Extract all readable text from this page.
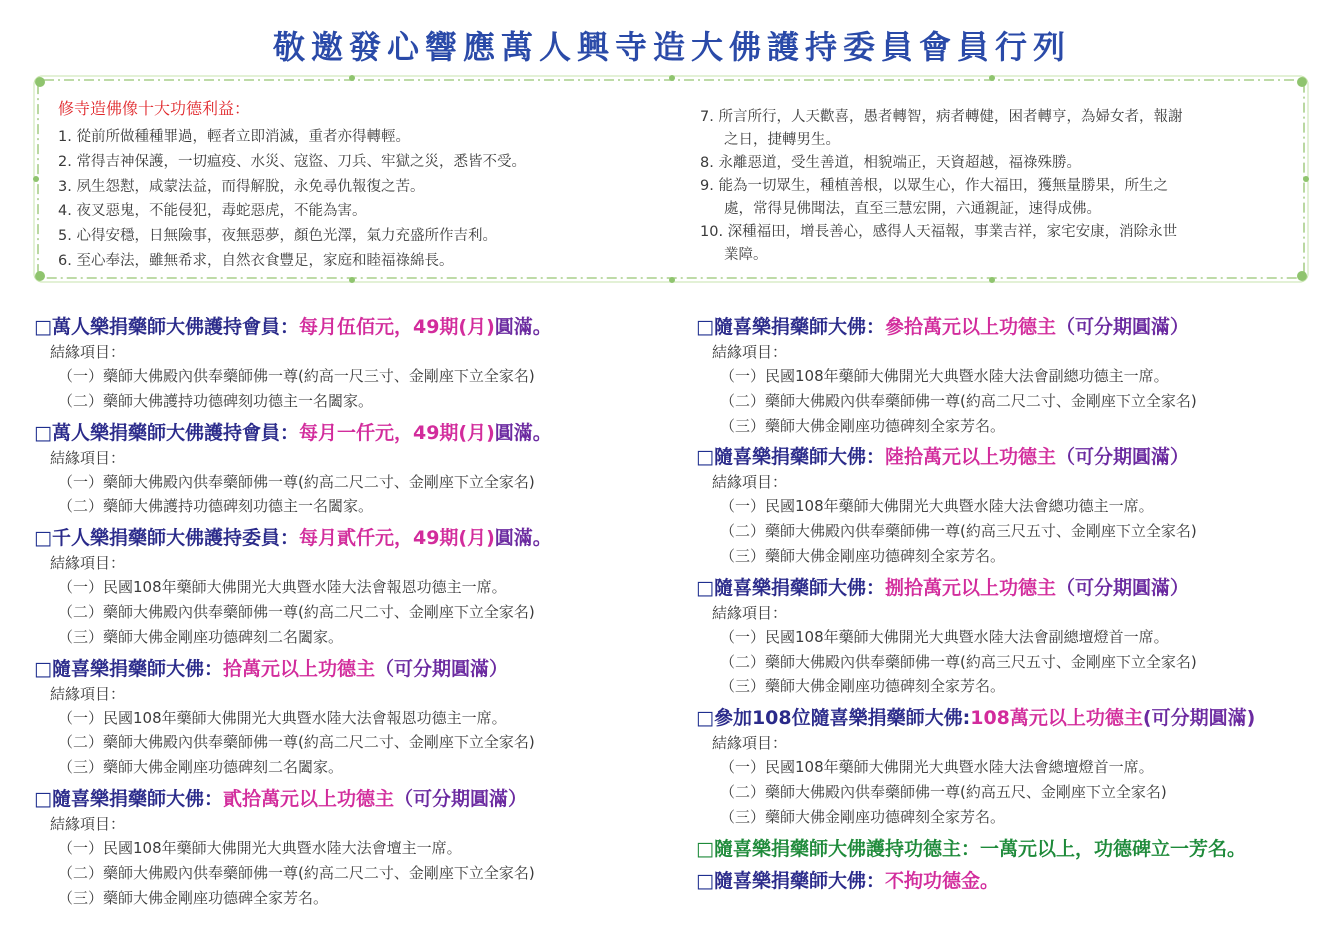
敬邀發心響應萬人興寺造大佛護持委員會員行列
修寺造佛像十大功德利益：
1. 從前所做種種罪過，輕者立即消滅，重者亦得轉輕。
2. 常得吉神保護，一切瘟疫、水災、寇盜、刀兵、牢獄之災，悉皆不受。
3. 夙生怨懟，咸蒙法益，而得解脫，永免尋仇報復之苦。
4. 夜叉惡鬼，不能侵犯，毒蛇惡虎，不能為害。
5. 心得安穩，日無險事，夜無惡夢，顏色光澤，氣力充盛所作吉利。
6. 至心奉法，雖無希求，自然衣食豐足，家庭和睦福祿綿長。
7. 所言所行，人天歡喜，愚者轉智，病者轉健，困者轉亨，為婦女者，報謝
之日，捷轉男生。
8. 永離惡道，受生善道，相貌端正，天資超越，福祿殊勝。
9. 能為一切眾生，種植善根，以眾生心，作大福田，獲無量勝果，所生之
處，常得見佛聞法，直至三慧宏開，六通親証，速得成佛。
10. 深種福田，增長善心，感得人天福報，事業吉祥，家宅安康，消除永世
業障。
□萬人樂捐藥師大佛護持會員：每月伍佰元，49期(月)圓滿。
結緣項目：
（一）藥師大佛殿內供奉藥師佛一尊(約高一尺三寸、金剛座下立全家名)
（二）藥師大佛護持功德碑刻功德主一名闔家。
□萬人樂捐藥師大佛護持會員：每月一仟元，49期(月)圓滿。
結緣項目：
（一）藥師大佛殿內供奉藥師佛一尊(約高二尺二寸、金剛座下立全家名)
（二）藥師大佛護持功德碑刻功德主一名闔家。
□千人樂捐藥師大佛護持委員：每月貳仟元，49期(月)圓滿。
結緣項目：
（一）民國108年藥師大佛開光大典暨水陸大法會報恩功德主一席。
（二）藥師大佛殿內供奉藥師佛一尊(約高二尺二寸、金剛座下立全家名)
（三）藥師大佛金剛座功德碑刻二名闔家。
□隨喜樂捐藥師大佛：拾萬元以上功德主（可分期圓滿）
結緣項目：
（一）民國108年藥師大佛開光大典暨水陸大法會報恩功德主一席。
（二）藥師大佛殿內供奉藥師佛一尊(約高二尺二寸、金剛座下立全家名)
（三）藥師大佛金剛座功德碑刻二名闔家。
□隨喜樂捐藥師大佛：貳拾萬元以上功德主（可分期圓滿）
結緣項目：
（一）民國108年藥師大佛開光大典暨水陸大法會壇主一席。
（二）藥師大佛殿內供奉藥師佛一尊(約高二尺二寸、金剛座下立全家名)
（三）藥師大佛金剛座功德碑全家芳名。
□隨喜樂捐藥師大佛：參拾萬元以上功德主（可分期圓滿）
結緣項目：
（一）民國108年藥師大佛開光大典暨水陸大法會副總功德主一席。
（二）藥師大佛殿內供奉藥師佛一尊(約高二尺二寸、金剛座下立全家名)
（三）藥師大佛金剛座功德碑刻全家芳名。
□隨喜樂捐藥師大佛：陸拾萬元以上功德主（可分期圓滿）
結緣項目：
（一）民國108年藥師大佛開光大典暨水陸大法會總功德主一席。
（二）藥師大佛殿內供奉藥師佛一尊(約高三尺五寸、金剛座下立全家名)
（三）藥師大佛金剛座功德碑刻全家芳名。
□隨喜樂捐藥師大佛：捌拾萬元以上功德主（可分期圓滿）
結緣項目：
（一）民國108年藥師大佛開光大典暨水陸大法會副總壇燈首一席。
（二）藥師大佛殿內供奉藥師佛一尊(約高三尺五寸、金剛座下立全家名)
（三）藥師大佛金剛座功德碑刻全家芳名。
□參加108位隨喜樂捐藥師大佛:108萬元以上功德主(可分期圓滿)
結緣項目：
（一）民國108年藥師大佛開光大典暨水陸大法會總壇燈首一席。
（二）藥師大佛殿內供奉藥師佛一尊(約高五尺、金剛座下立全家名)
（三）藥師大佛金剛座功德碑刻全家芳名。
□隨喜樂捐藥師大佛護持功德主：一萬元以上，功德碑立一芳名。
□隨喜樂捐藥師大佛：不拘功德金。
